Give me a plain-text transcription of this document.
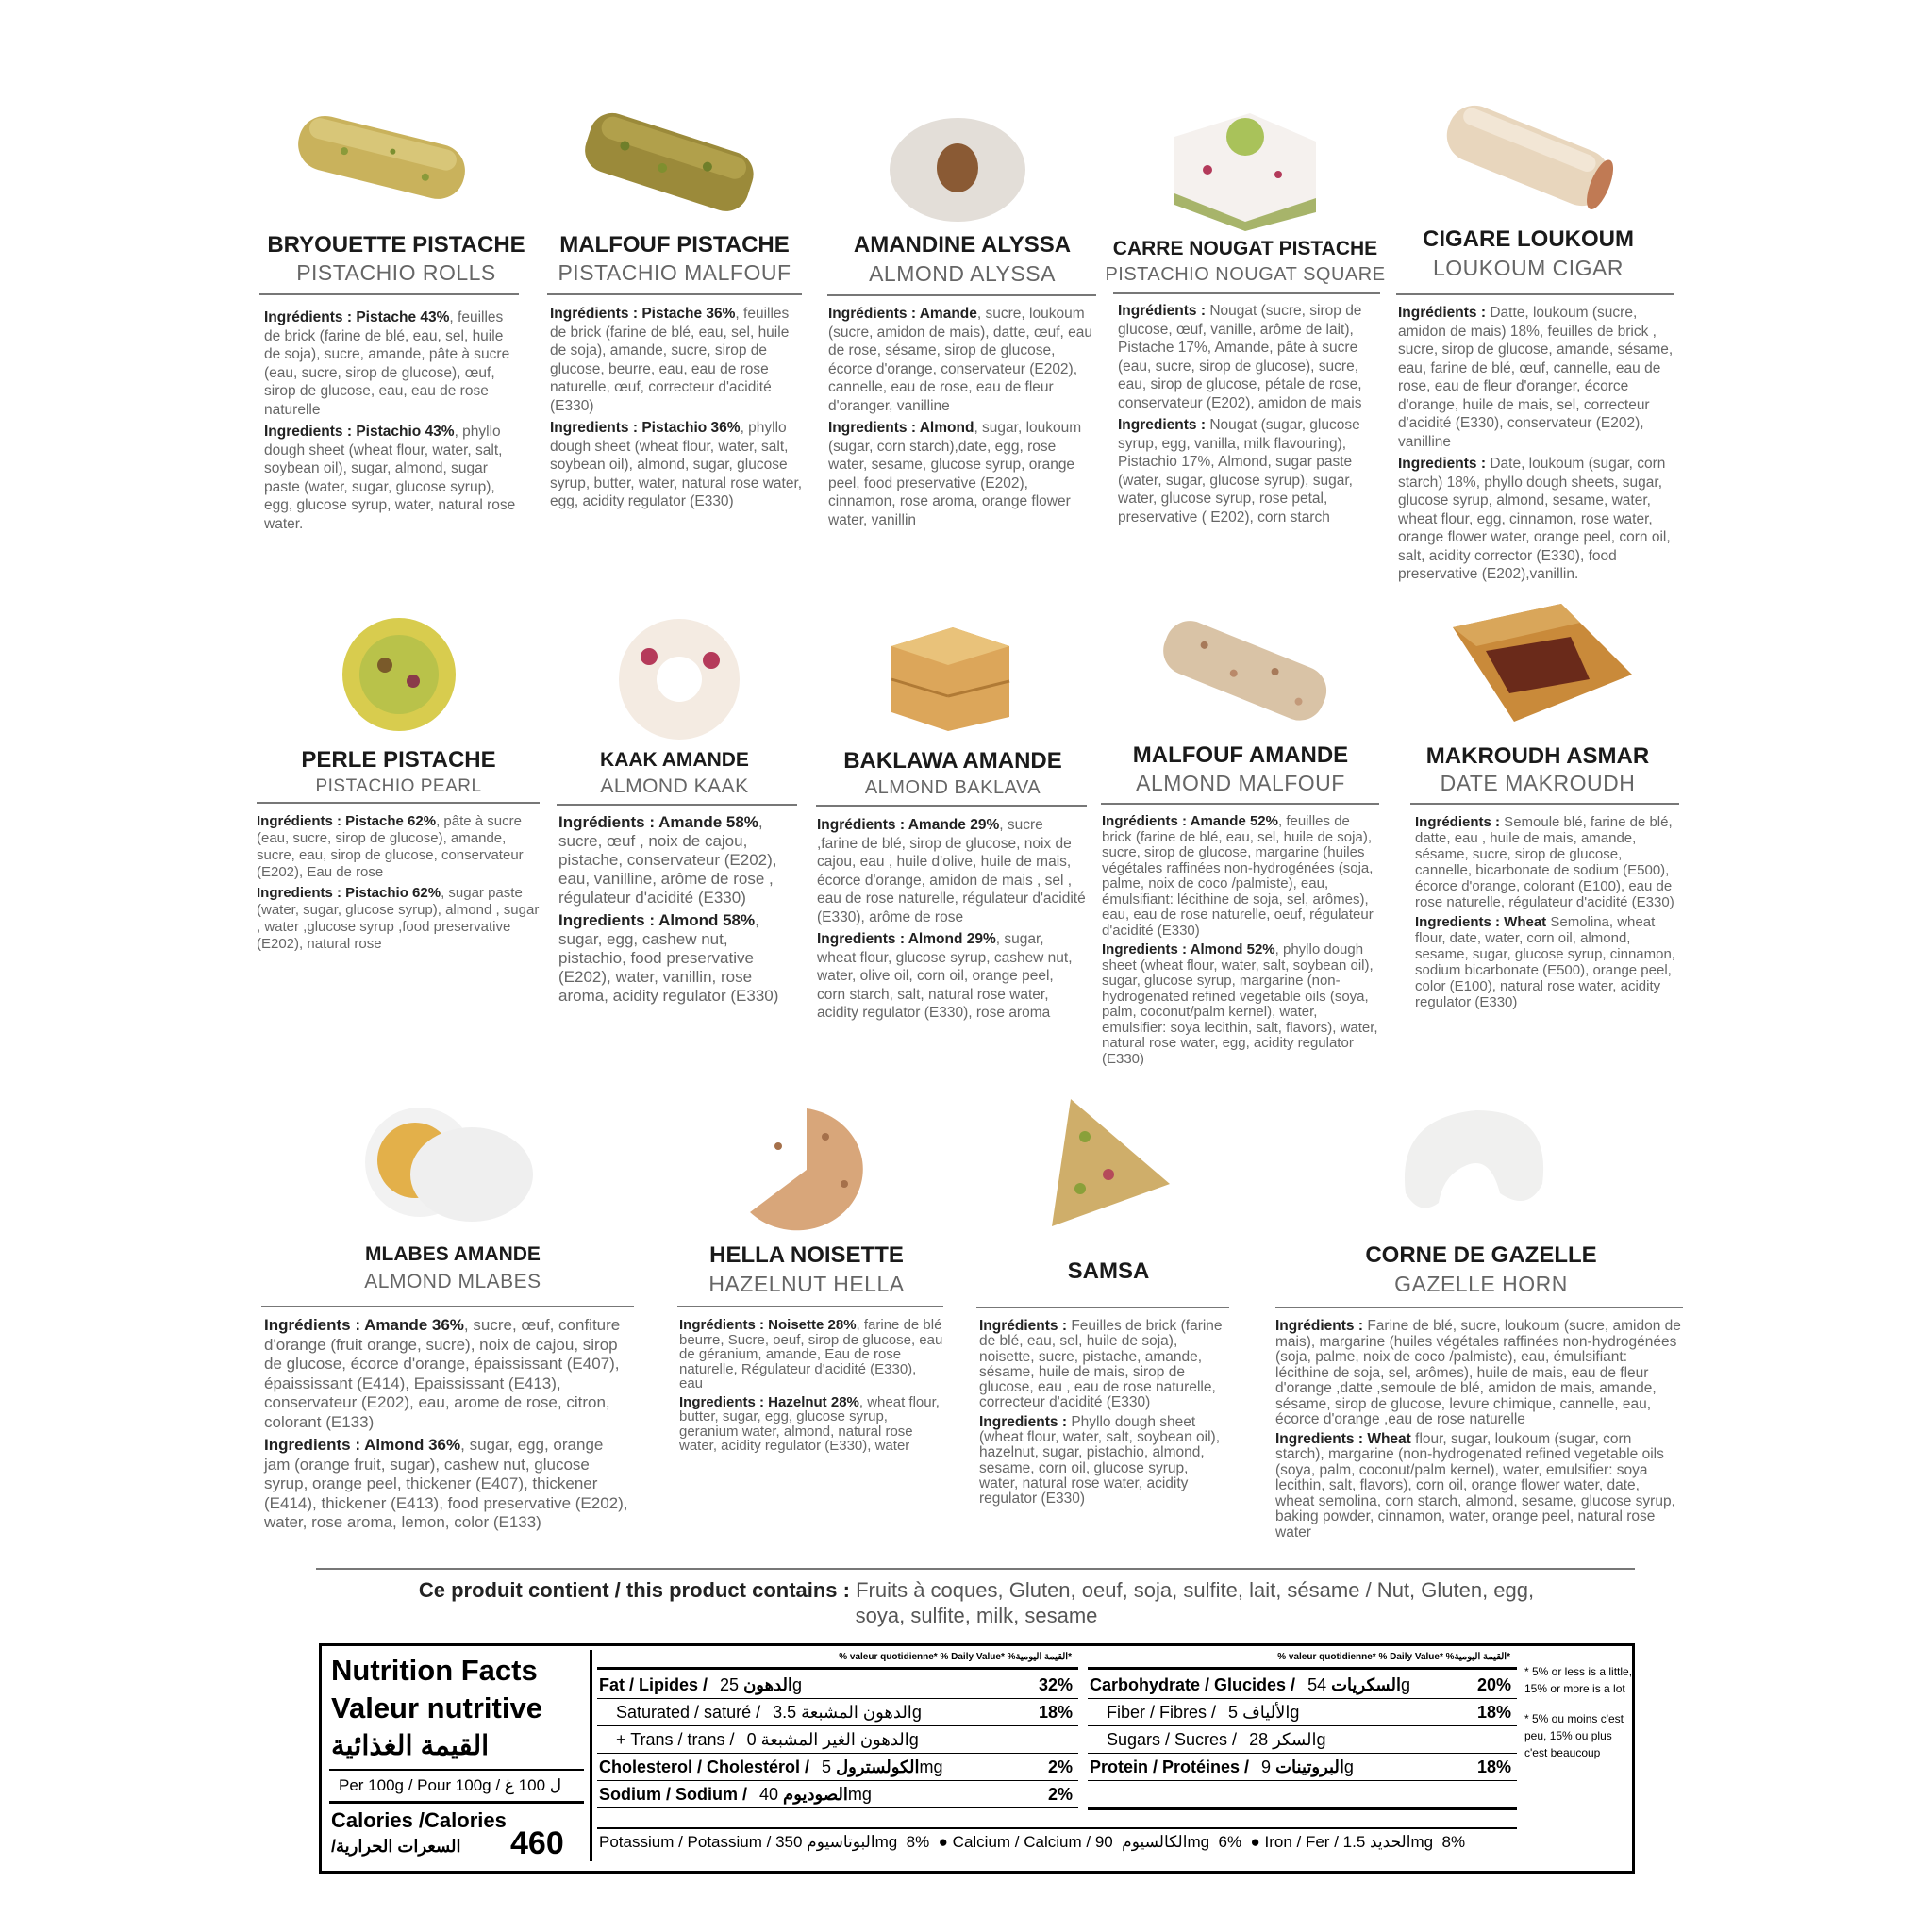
BRYOUETTE PISTACHE
PISTACHIO ROLLS

Ingrédients : Pistache 43%, feuilles de brick (farine de blé, eau, sel, huile de soja), sucre, amande, pâte à sucre (eau, sucre, sirop de glucose), œuf, sirop de glucose, eau, eau de rose naturelle

Ingredients : Pistachio 43%, phyllo dough sheet (wheat flour, water, salt, soybean oil), sugar, almond, sugar paste (water, sugar, glucose syrup), egg, glucose syrup, water, natural rose water.

MALFOUF PISTACHE
PISTACHIO MALFOUF

Ingrédients : Pistache 36%, feuilles de brick (farine de blé, eau, sel, huile de soja), amande, sucre, sirop de glucose, beurre, eau, eau de rose naturelle, œuf, correcteur d'acidité (E330)

Ingredients : Pistachio 36%, phyllo dough sheet (wheat flour, water, salt, soybean oil), almond, sugar, glucose syrup, butter, water, natural rose water, egg, acidity regulator (E330)

AMANDINE ALYSSA
ALMOND ALYSSA

Ingrédients : Amande, sucre, loukoum (sucre, amidon de mais), datte, œuf, eau de rose, sésame, sirop de glucose, écorce d'orange, conservateur (E202), cannelle, eau de rose, eau de fleur d'oranger, vanilline

Ingredients : Almond, sugar, loukoum (sugar, corn starch),date, egg, rose water, sesame, glucose syrup, orange peel, food preservative (E202), cinnamon, rose aroma, orange flower water, vanillin

CARRE NOUGAT PISTACHE
PISTACHIO NOUGAT SQUARE

Ingrédients : Nougat (sucre, sirop de glucose, œuf, vanille, arôme de lait), Pistache 17%, Amande, pâte à sucre (eau, sucre, sirop de glucose), sucre, eau, sirop de glucose, pétale de rose, conservateur (E202), amidon de mais

Ingredients : Nougat (sugar, glucose syrup, egg, vanilla, milk flavouring), Pistachio 17%, Almond, sugar paste (water, sugar, glucose syrup), sugar, water, glucose syrup, rose petal, preservative ( E202), corn starch

CIGARE LOUKOUM
LOUKOUM CIGAR

Ingrédients : Datte, loukoum (sucre, amidon de mais) 18%, feuilles de brick , sucre, sirop de glucose, amande, sésame, eau, farine de blé, œuf, cannelle, eau de rose, eau de fleur d'oranger, écorce d'orange, huile de mais, sel, correcteur d'acidité (E330), conservateur (E202), vanilline

Ingredients : Date, loukoum (sugar, corn starch) 18%, phyllo dough sheets, sugar, glucose syrup, almond, sesame, water, wheat flour, egg, cinnamon, rose water, orange flower water, orange peel, corn oil, salt, acidity corrector (E330), food preservative (E202),vanillin.

PERLE PISTACHE
PISTACHIO PEARL

Ingrédients : Pistache 62%, pâte à sucre (eau, sucre, sirop de glucose), amande, sucre, eau, sirop de glucose, conservateur (E202), Eau de rose

Ingredients : Pistachio 62%, sugar paste (water, sugar, glucose syrup), almond , sugar , water ,glucose syrup ,food preservative (E202), natural rose

KAAK AMANDE
ALMOND KAAK

Ingrédients : Amande 58%, sucre, œuf , noix de cajou, pistache, conservateur (E202), eau, vanilline, arôme de rose , régulateur d'acidité (E330)

Ingredients : Almond 58%, sugar, egg, cashew nut, pistachio, food preservative (E202), water, vanillin, rose aroma, acidity regulator (E330)

BAKLAWA AMANDE
ALMOND BAKLAVA

Ingrédients : Amande 29%, sucre ,farine de blé, sirop de glucose, noix de cajou, eau , huile d'olive, huile de mais, écorce d'orange, amidon de mais , sel , eau de rose naturelle, régulateur d'acidité (E330), arôme de rose

Ingredients : Almond 29%, sugar, wheat flour, glucose syrup, cashew nut, water, olive oil, corn oil, orange peel, corn starch, salt, natural rose water, acidity regulator (E330), rose aroma

MALFOUF AMANDE
ALMOND MALFOUF

Ingrédients : Amande 52%, feuilles de brick (farine de blé, eau, sel, huile de soja), sucre, sirop de glucose, margarine (huiles végétales raffinées non-hydrogénées (soja, palme, noix de coco /palmiste), eau, émulsifiant: lécithine de soja, sel, arômes), eau, eau de rose naturelle, oeuf, régulateur d'acidité (E330)

Ingredients : Almond 52%, phyllo dough sheet (wheat flour, water, salt, soybean oil), sugar, glucose syrup, margarine (non-hydrogenated refined vegetable oils (soya, palm, coconut/palm kernel), water, emulsifier: soya lecithin, salt, flavors), water, natural rose water, egg, acidity regulator (E330)

MAKROUDH ASMAR
DATE MAKROUDH

Ingrédients : Semoule blé, farine de blé, datte, eau , huile de mais, amande, sésame, sucre, sirop de glucose, cannelle, bicarbonate de sodium (E500), écorce d'orange, colorant (E100), eau de rose naturelle, régulateur d'acidité (E330)

Ingredients : Wheat Semolina, wheat flour, date, water, corn oil, almond, sesame, sugar, glucose syrup, cinnamon, sodium bicarbonate (E500), orange peel, color (E100), natural rose water, acidity regulator (E330)

MLABES AMANDE
ALMOND MLABES

Ingrédients : Amande 36%, sucre, œuf, confiture d'orange (fruit orange, sucre), noix de cajou, sirop de glucose, écorce d'orange, épaississant (E407), épaississant (E414), Epaississant (E413), conservateur (E202), eau, arome de rose, citron, colorant (E133)

Ingredients : Almond 36%, sugar, egg, orange jam (orange fruit, sugar), cashew nut, glucose syrup, orange peel, thickener (E407), thickener (E414), thickener (E413), food preservative (E202), water, rose aroma, lemon, color (E133)

HELLA NOISETTE
HAZELNUT HELLA

Ingrédients : Noisette 28%, farine de blé beurre, Sucre, oeuf, sirop de glucose, eau de géranium, amande, Eau de rose naturelle, Régulateur d'acidité (E330), eau

Ingredients : Hazelnut 28%, wheat flour, butter, sugar, egg, glucose syrup, geranium water, almond, natural rose water, acidity regulator (E330), water

SAMSA

Ingrédients : Feuilles de brick (farine de blé, eau, sel, huile de soja), noisette, sucre, pistache, amande, sésame, huile de mais, sirop de glucose, eau , eau de rose naturelle, correcteur d'acidité (E330)

Ingredients : Phyllo dough sheet (wheat flour, water, salt, soybean oil), hazelnut, sugar, pistachio, almond, sesame, corn oil, glucose syrup, water, natural rose water, acidity regulator (E330)

CORNE DE GAZELLE
GAZELLE HORN

Ingrédients : Farine de blé, sucre, loukoum (sucre, amidon de mais), margarine (huiles végétales raffinées non-hydrogénées (soja, palme, noix de coco /palmiste), eau, émulsifiant: lécithine de soja, sel, arômes), huile de mais, eau de fleur d'orange ,datte ,semoule de blé, amidon de mais, amande, sésame, sirop de glucose, levure chimique, cannelle, eau, écorce d'orange ,eau de rose naturelle

Ingredients : Wheat flour, sugar, loukoum (sugar, corn starch), margarine (non-hydrogenated refined vegetable oils (soya, palm, coconut/palm kernel), water, emulsifier: soya lecithin, salt, flavors), corn oil, orange flower water, date, wheat semolina, corn starch, almond, sesame, glucose syrup, baking powder, cinnamon, water, orange peel, natural rose water

Ce produit contient / this product contains : Fruits à coques, Gluten, oeuf, soja, sulfite, lait, sésame / Nut, Gluten, egg,
soya, sulfite, milk, sesame
Nutrition Facts
Valeur nutritive
القيمة الغذائية
Per 100g / Pour 100g / ل 100 غ
Calories /Calories
السعرات الحرارية/	460
% valeur quotidienne* % Daily Value* %القيمة اليومية*	% valeur quotidienne* % Daily Value* %القيمة اليومية*
Fat / Lipides / الدهون 25g	32%
Saturated / saturé / الدهون المشبعة 3.5g	18%
+ Trans / trans / الدهون الغير المشبعة 0g
Cholesterol / Cholestérol / الكولسترول 5mg	2%
Sodium / Sodium / الصوديوم 40mg	2%
Carbohydrate / Glucides / السكريات 54g	20%
Fiber / Fibres / الألياف 5g	18%
Sugars / Sucres / السكر 28g
Protein / Protéines / البروتينات 9g	18%
Potassium / Potassium / البوتاسيوم 350mg  8%  ● Calcium / Calcium / الكالسيوم  90mg  6%  ● Iron / Fer / الحديد 1.5mg  8%
* 5% or less is a little,
15% or more is a lot
* 5% ou moins c'est
peu, 15% ou plus
c'est beaucoup
